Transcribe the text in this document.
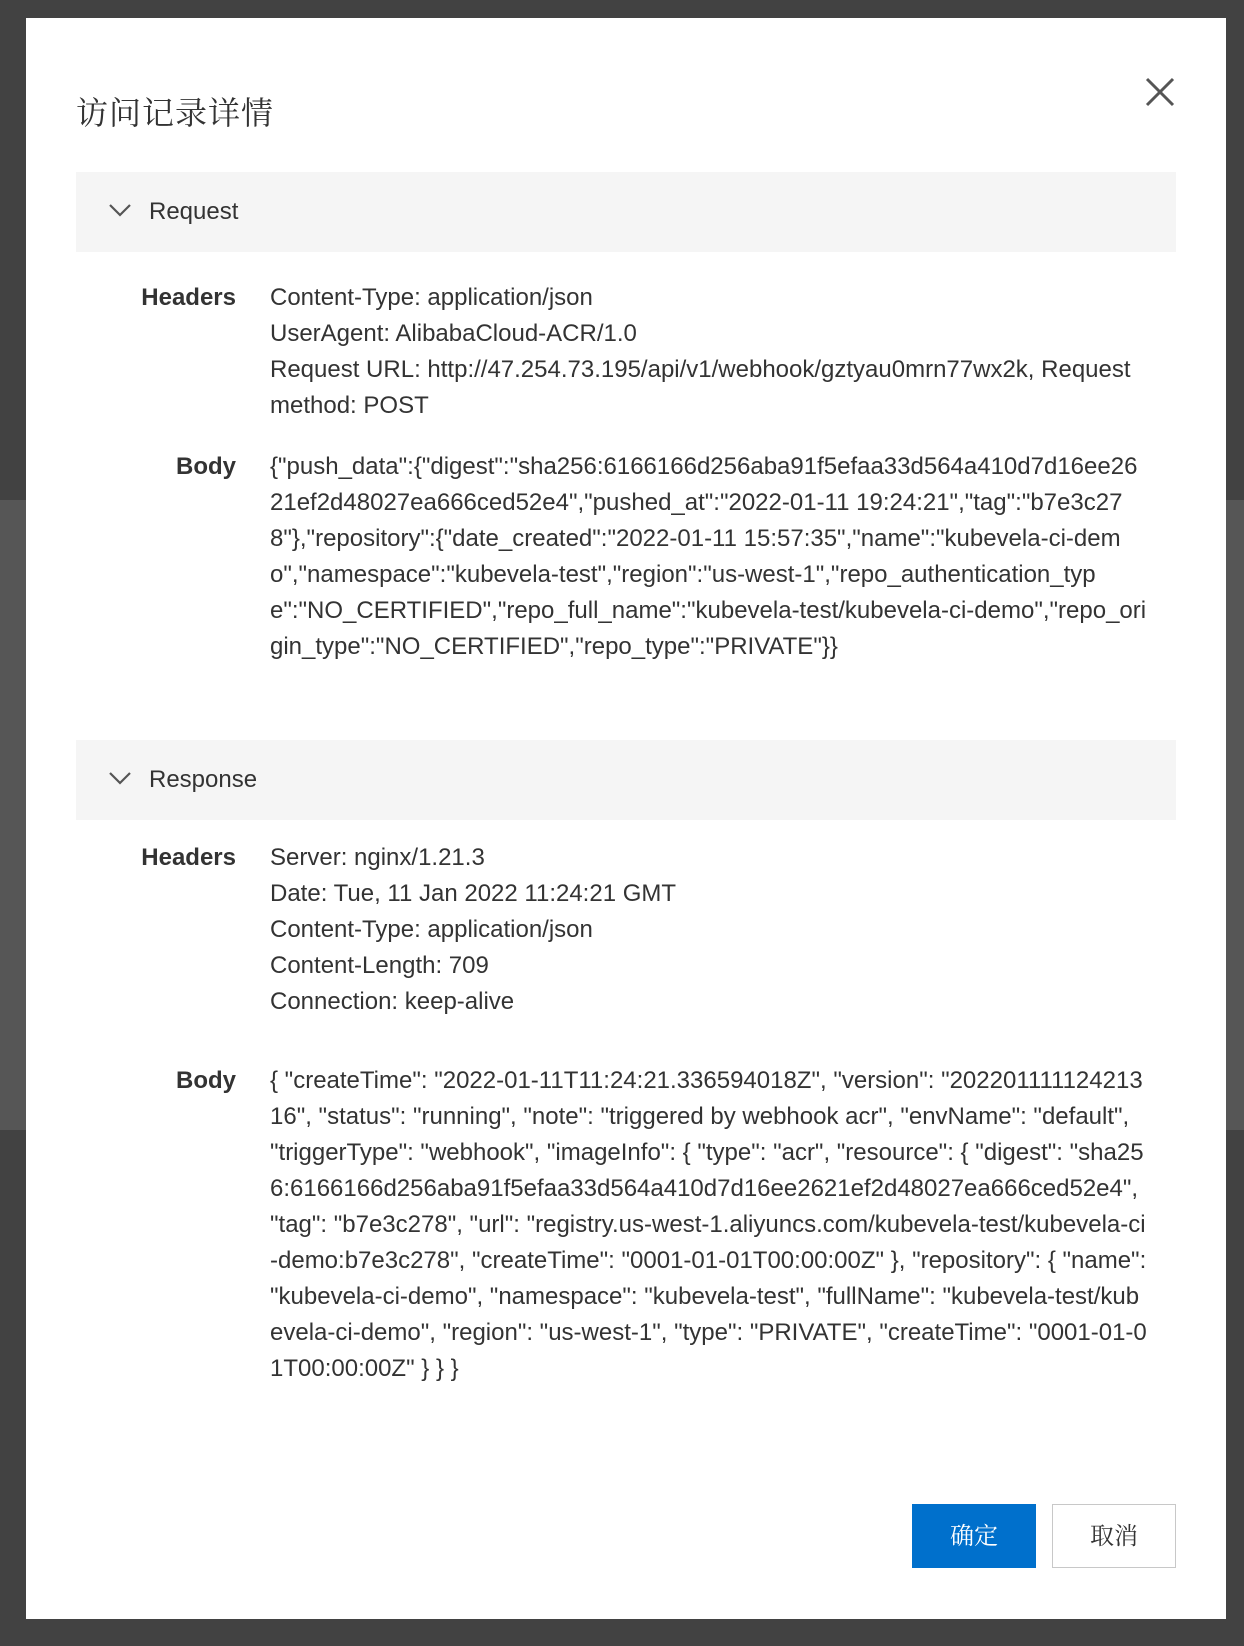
访问记录详情
Request
Headers Content-Type: application/json
UserAgent: AlibabaCloud-ACR/1.0
Request URL: http://47.254.73.195/api/v1/webhook/gztyau0mrn77wx2k, Request method: POST
Body {"push_data":{"digest":"sha256:6166166d256aba91f5efaa33d564a410d7d16ee2621ef2d48027ea666ced52e4","pushed_at":"2022-01-11 19:24:21","tag":"b7e3c278"},"repository":{"date_created":"2022-01-11 15:57:35","name":"kubevela-ci-demo","namespace":"kubevela-test","region":"us-west-1","repo_authentication_type":"NO_CERTIFIED","repo_full_name":"kubevela-test/kubevela-ci-demo","repo_origin_type":"NO_CERTIFIED","repo_type":"PRIVATE"}}
Response
Headers Server: nginx/1.21.3
Date: Tue, 11 Jan 2022 11:24:21 GMT
Content-Type: application/json
Content-Length: 709
Connection: keep-alive
Body { "createTime": "2022-01-11T11:24:21.336594018Z", "version": "20220111112421316", "status": "running", "note": "triggered by webhook acr", "envName": "default", "triggerType": "webhook", "imageInfo": { "type": "acr", "resource": { "digest": "sha256:6166166d256aba91f5efaa33d564a410d7d16ee2621ef2d48027ea666ced52e4", "tag": "b7e3c278", "url": "registry.us-west-1.aliyuncs.com/kubevela-test/kubevela-ci-demo:b7e3c278", "createTime": "0001-01-01T00:00:00Z" }, "repository": { "name": "kubevela-ci-demo", "namespace": "kubevela-test", "fullName": "kubevela-test/kubevela-ci-demo", "region": "us-west-1", "type": "PRIVATE", "createTime": "0001-01-01T00:00:00Z" } } }
确定	取消
